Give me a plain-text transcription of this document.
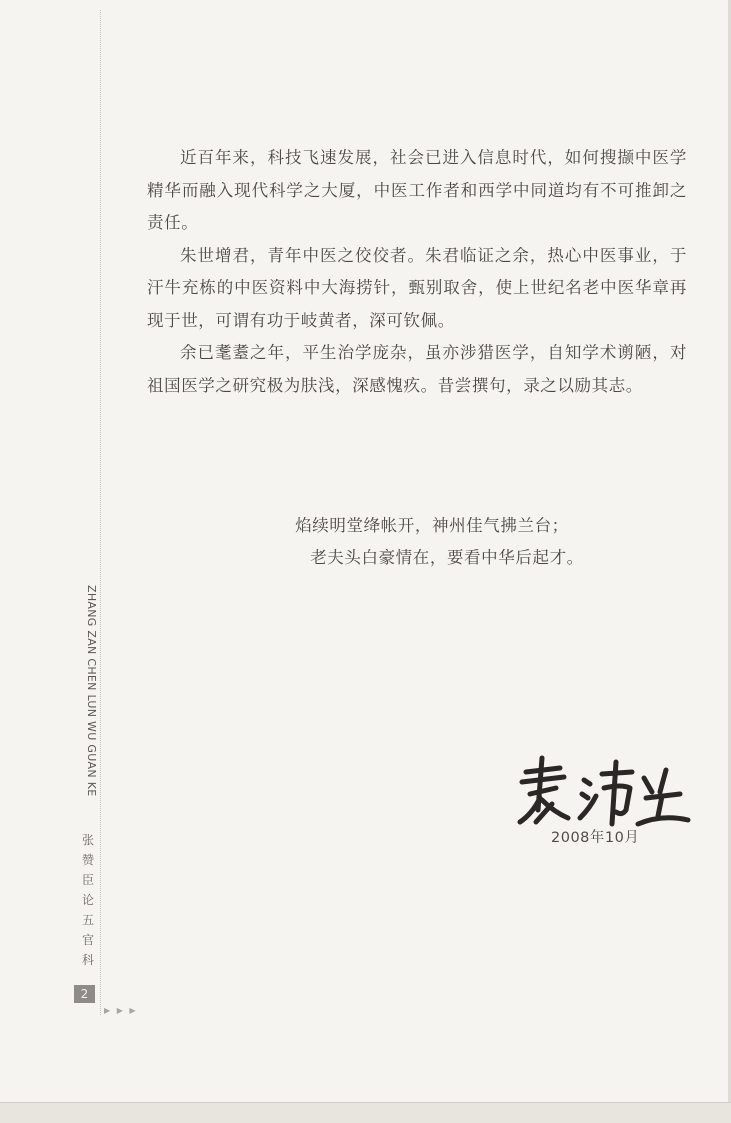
近百年来，科技飞速发展，社会已进入信息时代，如何搜撷中医学精华而融入现代科学之大厦，中医工作者和西学中同道均有不可推卸之责任。

朱世增君，青年中医之佼佼者。朱君临证之余，热心中医事业，于汗牛充栋的中医资料中大海捞针，甄别取舍，使上世纪名老中医华章再现于世，可谓有功于岐黄者，深可钦佩。

余已耄耋之年，平生治学庞杂，虽亦涉猎医学，自知学术谫陋，对祖国医学之研究极为肤浅，深感愧疚。昔尝撰句，录之以励其志。

焰续明堂绛帐开，神州佳气拂兰台；
老夫头白豪情在，要看中华后起才。
2008年10月
ZHANG ZAN CHEN LUN WU GUAN KE
张赞臣论五官科
2
▶ ▶ ▶
